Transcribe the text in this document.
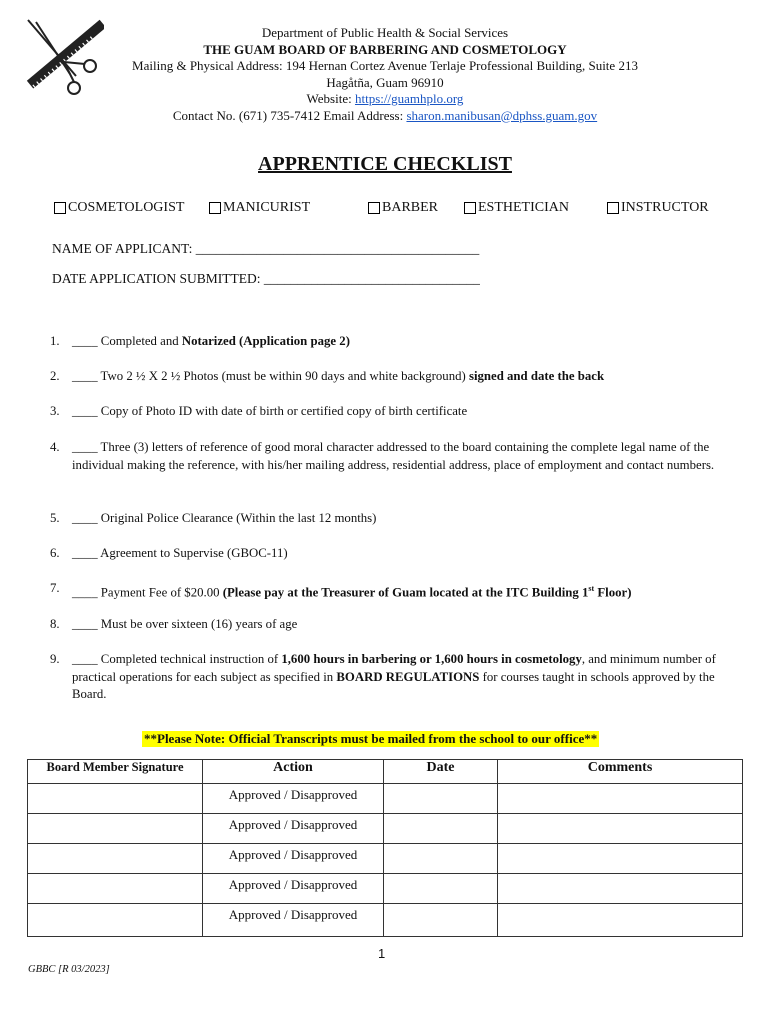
Department of Public Health & Social Services
THE GUAM BOARD OF BARBERING AND COSMETOLOGY
Mailing & Physical Address: 194 Hernan Cortez Avenue Terlaje Professional Building, Suite 213
Hagåtña, Guam 96910
Website: https://guamhplo.org
Contact No. (671) 735-7412 Email Address: sharon.manibusan@dphss.guam.gov
APPRENTICE CHECKLIST
COSMETOLOGIST	MANICURIST	BARBER	ESTHETICIAN	INSTRUCTOR
NAME OF APPLICANT: __________________________________________
DATE APPLICATION SUBMITTED: ________________________________
1. ____ Completed and Notarized (Application page 2)
2. ____ Two 2 ½ X 2 ½ Photos (must be within 90 days and white background) signed and date the back
3. ____ Copy of Photo ID with date of birth or certified copy of birth certificate
4. ____ Three (3) letters of reference of good moral character addressed to the board containing the complete legal name of the individual making the reference, with his/her mailing address, residential address, place of employment and contact numbers.
5. ____ Original Police Clearance (Within the last 12 months)
6. ____ Agreement to Supervise (GBOC-11)
7. ____ Payment Fee of $20.00 (Please pay at the Treasurer of Guam located at the ITC Building 1st Floor)
8. ____ Must be over sixteen (16) years of age
9. ____ Completed technical instruction of 1,600 hours in barbering or 1,600 hours in cosmetology, and minimum number of practical operations for each subject as specified in BOARD REGULATIONS for courses taught in schools approved by the Board.
**Please Note: Official Transcripts must be mailed from the school to our office**
Board Member Signature	Action	Date	Comments
	Approved / Disapproved		
	Approved / Disapproved		
	Approved / Disapproved		
	Approved / Disapproved		
	Approved / Disapproved		
1
GBBC [R 03/2023]
